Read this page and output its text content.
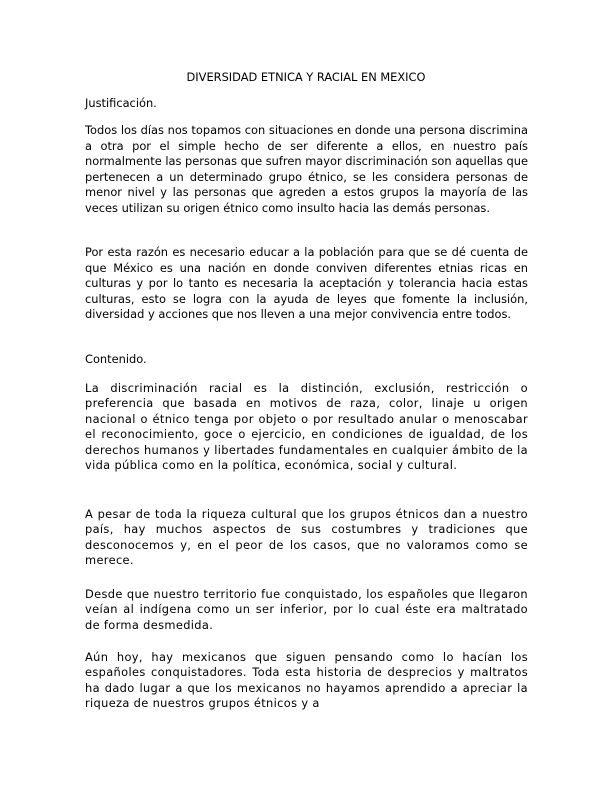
DIVERSIDAD ETNICA Y RACIAL EN MEXICO
Justificación.

Todos los días nos topamos con situaciones en donde una persona discrimina a otra por el simple hecho de ser diferente a ellos, en nuestro país normalmente las personas que sufren mayor discriminación son aquellas que pertenecen a un determinado grupo étnico, se les considera personas de menor nivel y las personas que agreden a estos grupos la mayoría de las veces utilizan su origen étnico como insulto hacia las demás personas.

Por esta razón es necesario educar a la población para que se dé cuenta de que México es una nación en donde conviven diferentes etnias ricas en culturas y por lo tanto es necesaria la aceptación y tolerancia hacia estas culturas, esto se logra con la ayuda de leyes que fomente la inclusión, diversidad y acciones que nos lleven a una mejor convivencia entre todos.

Contenido.

La discriminación racial es la distinción, exclusión, restricción o preferencia que basada en motivos de raza, color, linaje u origen nacional o étnico tenga por objeto o por resultado anular o menoscabar el reconocimiento, goce o ejercicio, en condiciones de igualdad, de los derechos humanos y libertades fundamentales en cualquier ámbito de la vida pública como en la política, económica, social y cultural.

A pesar de toda la riqueza cultural que los grupos étnicos dan a nuestro país, hay muchos aspectos de sus costumbres y tradiciones que desconocemos y, en el peor de los casos, que no valoramos como se merece.

Desde que nuestro territorio fue conquistado, los españoles que llegaron veían al indígena como un ser inferior, por lo cual éste era maltratado de forma desmedida.

Aún hoy, hay mexicanos que siguen pensando como lo hacían los españoles conquistadores. Toda esta historia de desprecios y maltratos ha dado lugar a que los mexicanos no hayamos aprendido a apreciar la riqueza de nuestros grupos étnicos y a
